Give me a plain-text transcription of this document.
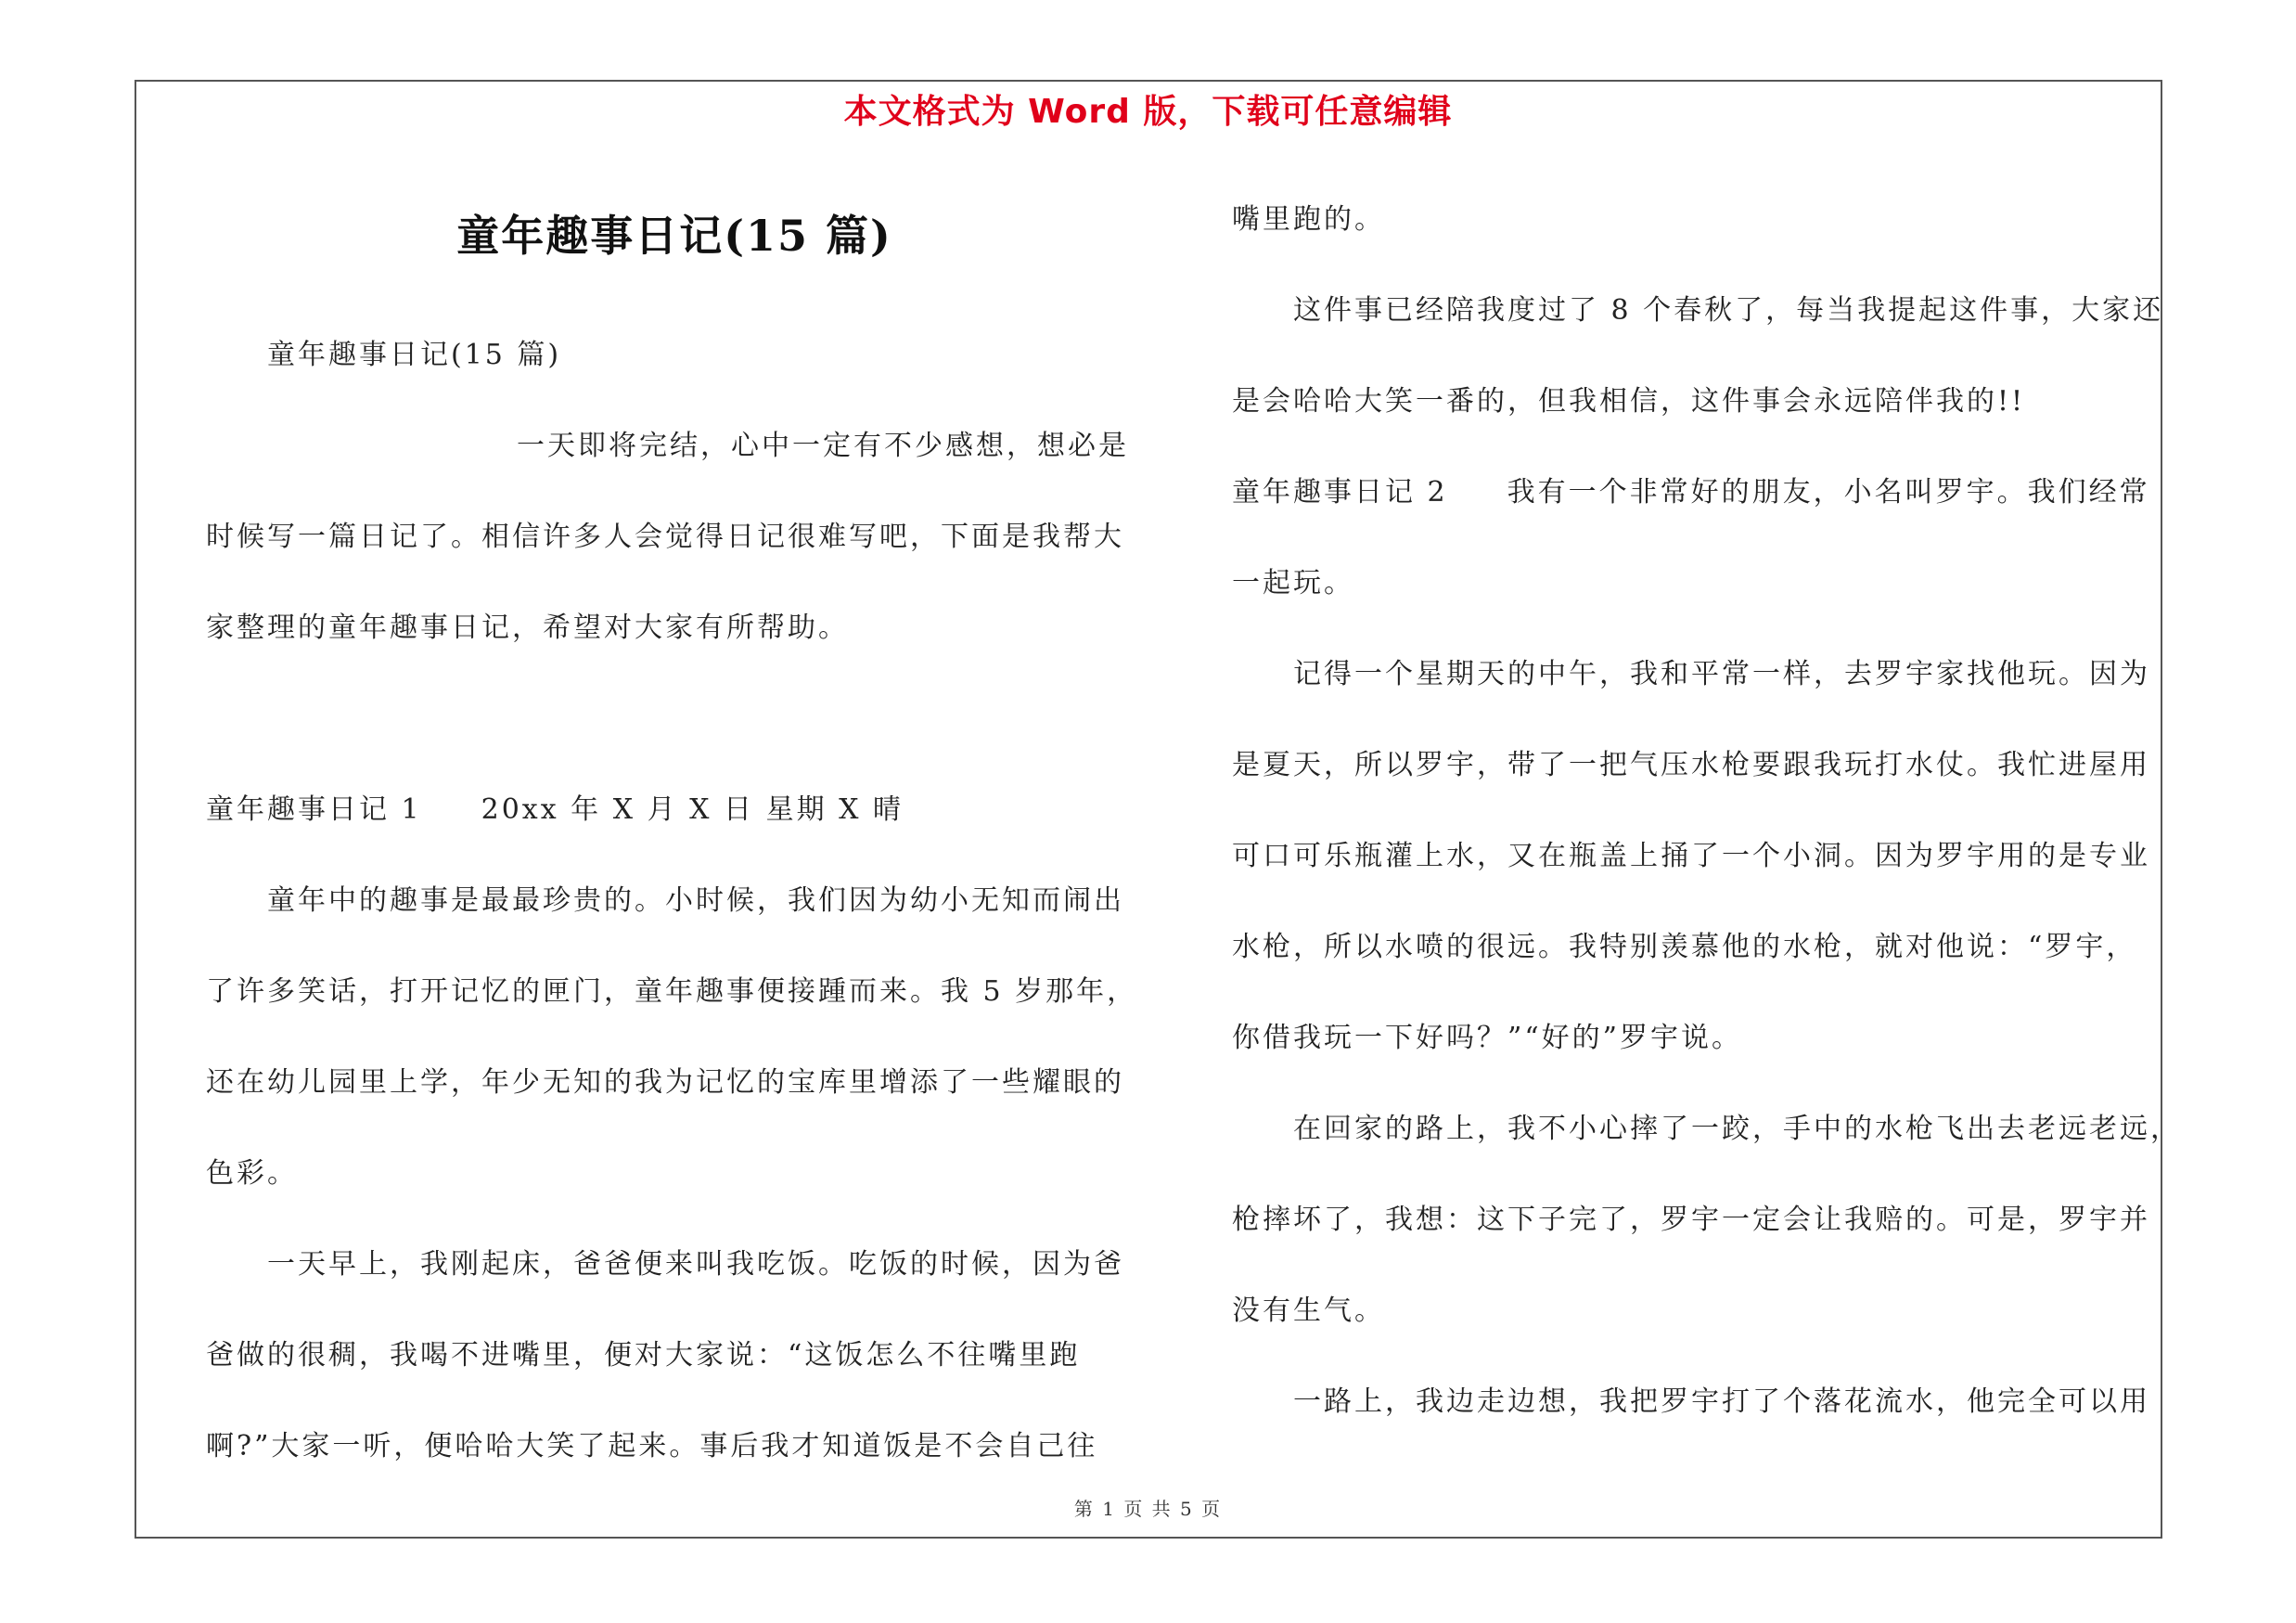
本文格式为 Word 版，下载可任意编辑
童年趣事日记(15 篇)
童年趣事日记(15 篇)
一天即将完结，心中一定有不少感想，想必是
时候写一篇日记了。相信许多人会觉得日记很难写吧，下面是我帮大
家整理的童年趣事日记，希望对大家有所帮助。
童年趣事日记 1 20xx 年 X 月 X 日 星期 X 晴
童年中的趣事是最最珍贵的。小时候，我们因为幼小无知而闹出
了许多笑话，打开记忆的匣门，童年趣事便接踵而来。我 5 岁那年，
还在幼儿园里上学，年少无知的我为记忆的宝库里增添了一些耀眼的
色彩。
一天早上，我刚起床，爸爸便来叫我吃饭。吃饭的时候，因为爸
爸做的很稠，我喝不进嘴里，便对大家说：“这饭怎么不往嘴里跑
啊?”大家一听，便哈哈大笑了起来。事后我才知道饭是不会自己往
嘴里跑的。
这件事已经陪我度过了 8 个春秋了，每当我提起这件事，大家还
是会哈哈大笑一番的，但我相信，这件事会永远陪伴我的!!
童年趣事日记 2 我有一个非常好的朋友，小名叫罗宇。我们经常
一起玩。
记得一个星期天的中午，我和平常一样，去罗宇家找他玩。因为
是夏天，所以罗宇，带了一把气压水枪要跟我玩打水仗。我忙进屋用
可口可乐瓶灌上水，又在瓶盖上捅了一个小洞。因为罗宇用的是专业
水枪，所以水喷的很远。我特别羡慕他的水枪，就对他说：“罗宇，
你借我玩一下好吗？”“好的”罗宇说。
在回家的路上，我不小心摔了一跤，手中的水枪飞出去老远老远，
枪摔坏了，我想：这下子完了，罗宇一定会让我赔的。可是，罗宇并
没有生气。
一路上，我边走边想，我把罗宇打了个落花流水，他完全可以用
第 1 页 共 5 页
